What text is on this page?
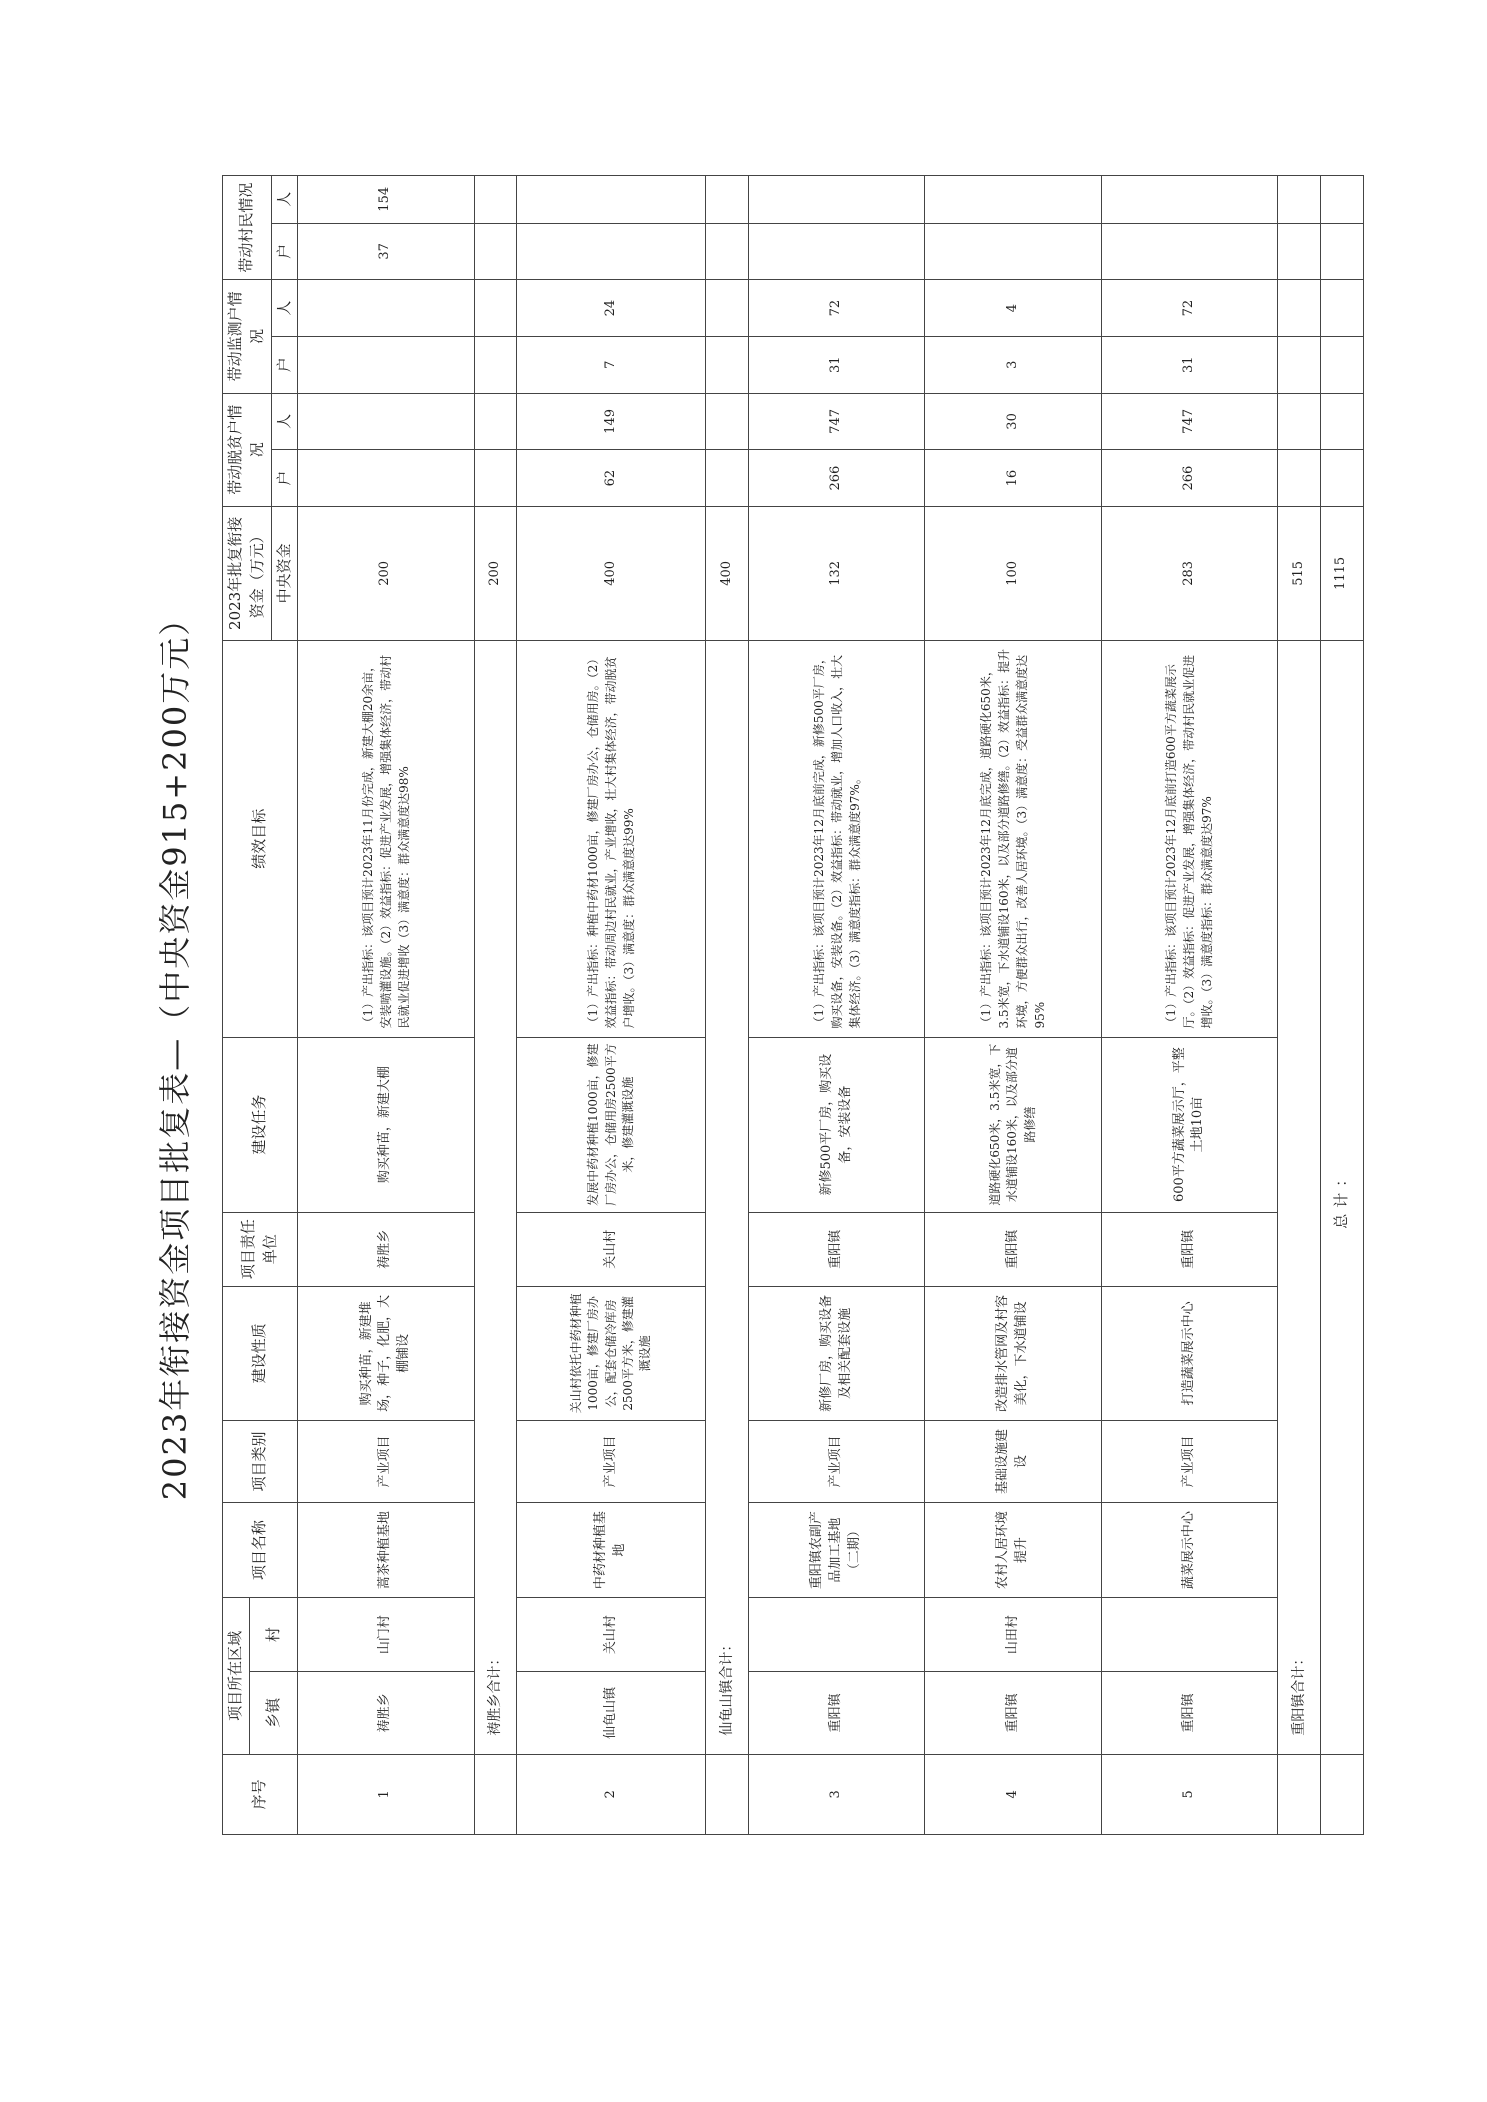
2023年衔接资金项目批复表—（中央资金915+200万元）
序号	项目所在区域		项目名称	项目类别	建设性质	项目责任单位	建设任务	绩效目标	2023年批复衔接资金（万元）	带动脱贫户情况		带动监测户情况		带动村民情况	
	乡镇	村													
									中央资金	户	人	户	人	户	人
1	祷胜乡	山门村	蒿茶种植基地	产业项目	购买种苗，新建堆场，种子，化肥，大棚铺设	祷胜乡	购买种苗，新建大棚	（1）产出指标：该项目预计2023年11月份完成，新建大棚20余亩，安装喷灌设施。（2）效益指标：促进产业发展，增强集体经济，带动村民就业促进增收（3）满意度：群众满意度达98%	200					37	154
	祷胜乡合计：								200						
2	仙龟山镇	关山村	中药材种植基地	产业项目	关山村依托中药材种植1000亩，修建厂房办公，配套仓储冷库房2500平方米，修建灌溉设施	关山村	发展中药材种植1000亩，修建厂房办公，仓储用房2500平方米，修建灌溉设施	（1）产出指标：种植中药材1000亩，修建厂房办公，仓储用房。（2）效益指标：带动周边村民就业，产业增收，壮大村集体经济，带动脱贫户增收。（3）满意度：群众满意度达99%	400	62	149	7	24		
	仙龟山镇合计：								400						
3	重阳镇		重阳镇农副产品加工基地（二期）	产业项目	新修厂房，购买设备及相关配套设施	重阳镇	新修500平厂房，购买设备，安装设备	（1）产出指标：该项目预计2023年12月底前完成，新修500平厂房，购买设备，安装设备。（2）效益指标：带动就业，增加人口收入，壮大集体经济。（3）满意度指标：群众满意度97%。	132	266	747	31	72		
4	重阳镇	山田村	农村人居环境提升	基础设施建设	改造排水管网及村容美化，下水道铺设	重阳镇	道路硬化650米，3.5米宽，下水道铺设160米，以及部分道路修缮	（1）产出指标：该项目预计2023年12月底完成，道路硬化650米，3.5米宽，下水道铺设160米，以及部分道路修缮。（2）效益指标：提升环境，方便群众出行，改善人居环境。（3）满意度：受益群众满意度达95%	100	16	30	3	4		
5	重阳镇		蔬菜展示中心	产业项目	打造蔬菜展示中心	重阳镇	600平方蔬菜展示厅，平整土地10亩	（1）产出指标：该项目预计2023年12月底前打造600平方蔬菜展示厅。（2）效益指标：促进产业发展，增强集体经济，带动村民就业促进增收。（3）满意度指标：群众满意度达97%	283	266	747	31	72		
	重阳镇合计：								515						
	总计：								1115						
